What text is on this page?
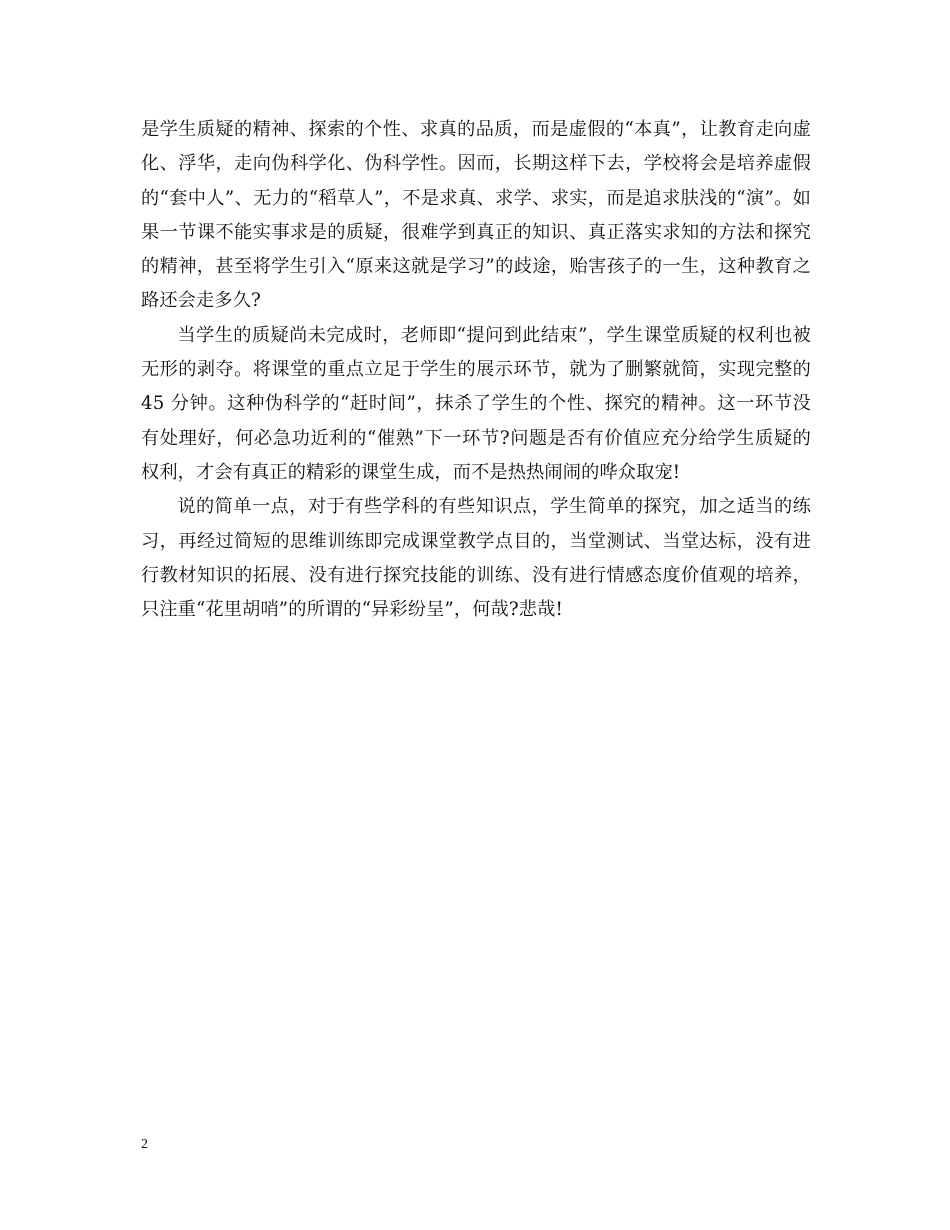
是学生质疑的精神、探索的个性、求真的品质，而是虚假的“本真”，让教育走向虚化、浮华，走向伪科学化、伪科学性。因而，长期这样下去，学校将会是培养虚假的“套中人”、无力的“稻草人”，不是求真、求学、求实，而是追求肤浅的“演”。如果一节课不能实事求是的质疑，很难学到真正的知识、真正落实求知的方法和探究的精神，甚至将学生引入“原来这就是学习”的歧途，贻害孩子的一生，这种教育之路还会走多久?

当学生的质疑尚未完成时，老师即“提问到此结束”，学生课堂质疑的权利也被无形的剥夺。将课堂的重点立足于学生的展示环节，就为了删繁就简，实现完整的 45 分钟。这种伪科学的“赶时间”，抹杀了学生的个性、探究的精神。这一环节没有处理好，何必急功近利的“催熟”下一环节?问题是否有价值应充分给学生质疑的权利，才会有真正的精彩的课堂生成，而不是热热闹闹的哗众取宠!

说的简单一点，对于有些学科的有些知识点，学生简单的探究，加之适当的练习，再经过简短的思维训练即完成课堂教学点目的，当堂测试、当堂达标，没有进行教材知识的拓展、没有进行探究技能的训练、没有进行情感态度价值观的培养，只注重“花里胡哨”的所谓的“异彩纷呈”，何哉?悲哉!

2
